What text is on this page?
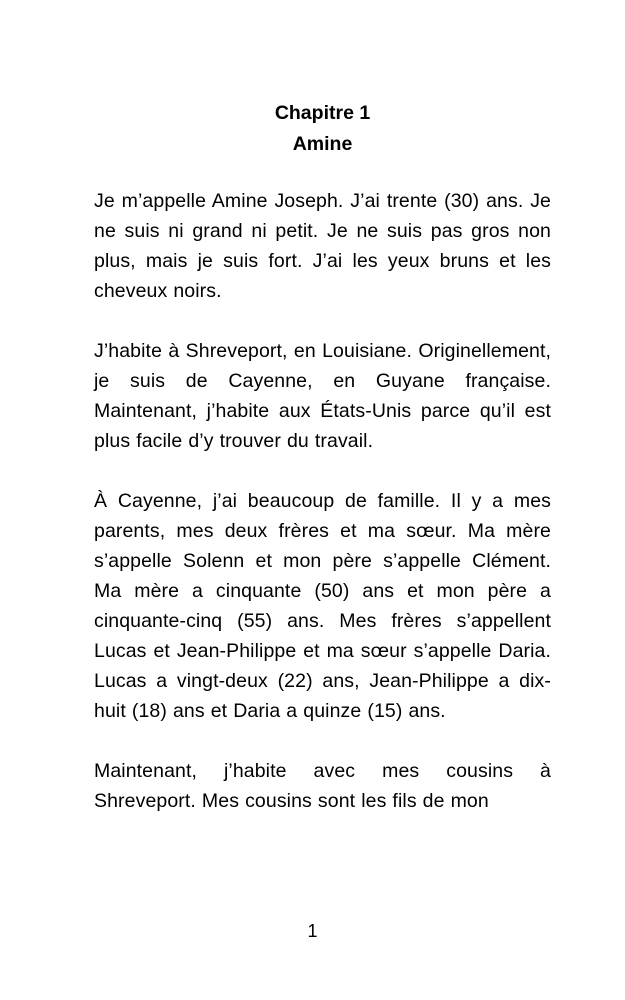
Chapitre 1
Amine

Je m’appelle Amine Joseph. J’ai trente (30) ans. Je ne suis ni grand ni petit. Je ne suis pas gros non plus, mais je suis fort. J’ai les yeux bruns et les cheveux noirs.

J’habite à Shreveport, en Louisiane. Originellement, je suis de Cayenne, en Guyane française. Maintenant, j’habite aux États-Unis parce qu’il est plus facile d’y trouver du travail.

À Cayenne, j’ai beaucoup de famille. Il y a mes parents, mes deux frères et ma sœur. Ma mère s’appelle Solenn et mon père s’appelle Clément. Ma mère a cinquante (50) ans et mon père a cinquante-cinq (55) ans. Mes frères s’appellent Lucas et Jean-Philippe et ma sœur s’appelle Daria. Lucas a vingt-deux (22) ans, Jean-Philippe a dix-huit (18) ans et Daria a quinze (15) ans.

Maintenant, j’habite avec mes cousins à Shreveport. Mes cousins sont les fils de mon

1
